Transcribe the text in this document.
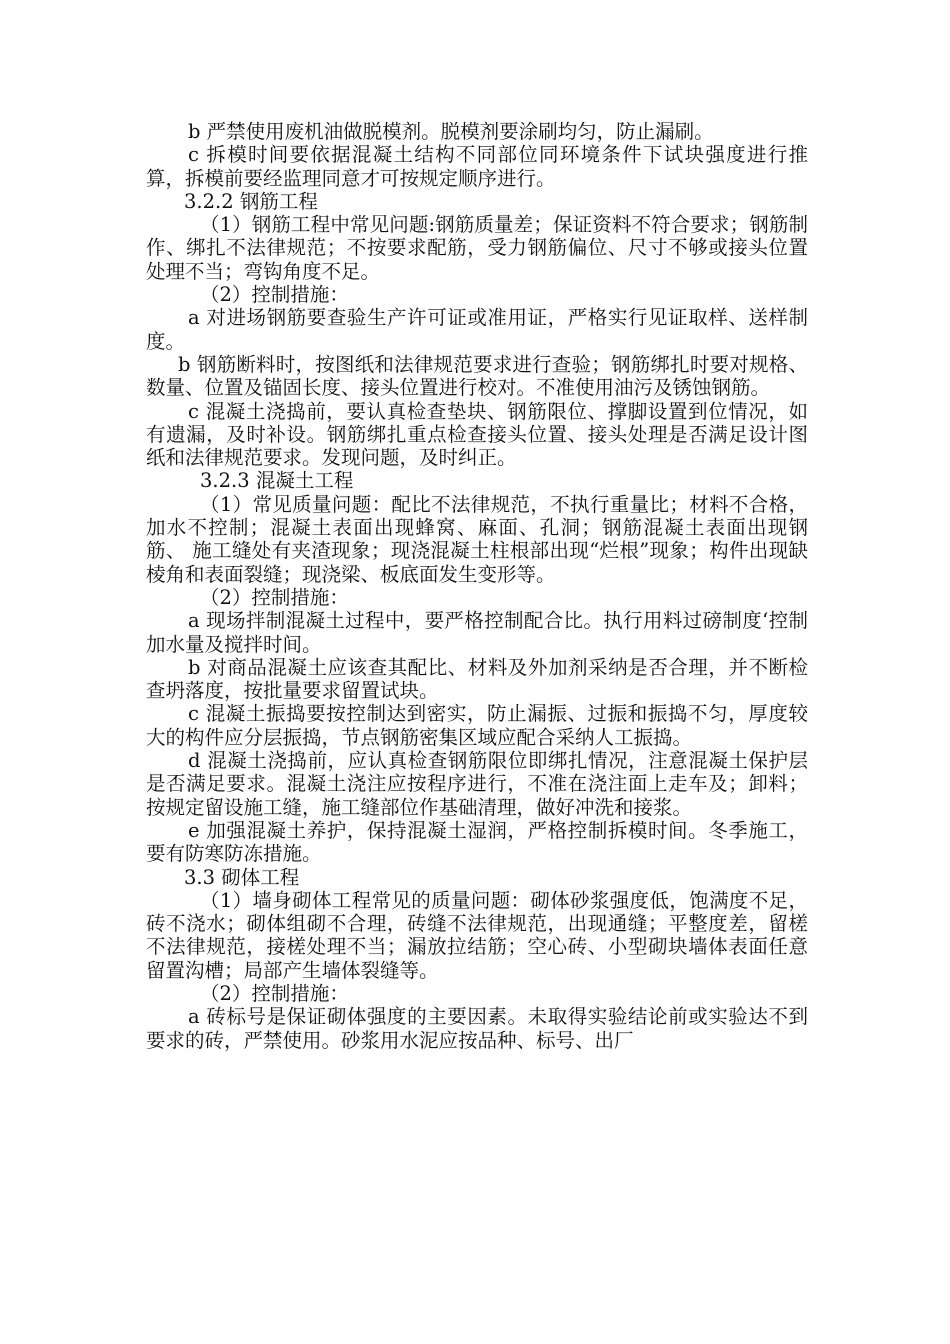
b 严禁使用废机油做脱模剂。脱模剂要涂刷均匀，防止漏刷。

c 拆模时间要依据混凝土结构不同部位同环境条件下试块强度进行推算，拆模前要经监理同意才可按规定顺序进行。

3.2.2 钢筋工程

（1）钢筋工程中常见问题:钢筋质量差；保证资料不符合要求；钢筋制作、绑扎不法律规范；不按要求配筋，受力钢筋偏位、尺寸不够或接头位置处理不当；弯钩角度不足。

（2）控制措施：

a 对进场钢筋要查验生产许可证或准用证，严格实行见证取样、送样制度。

b 钢筋断料时，按图纸和法律规范要求进行查验；钢筋绑扎时要对规格、数量、位置及锚固长度、接头位置进行校对。不准使用油污及锈蚀钢筋。

c 混凝土浇捣前，要认真检查垫块、钢筋限位、撑脚设置到位情况，如有遗漏，及时补设。钢筋绑扎重点检查接头位置、接头处理是否满足设计图纸和法律规范要求。发现问题，及时纠正。

3.2.3 混凝土工程

（1）常见质量问题：配比不法律规范，不执行重量比；材料不合格，加水不控制；混凝土表面出现蜂窝、麻面、孔洞；钢筋混凝土表面出现钢筋、 施工缝处有夹渣现象；现浇混凝土柱根部出现“烂根”现象；构件出现缺棱角和表面裂缝；现浇梁、板底面发生变形等。

（2）控制措施：

a 现场拌制混凝土过程中，要严格控制配合比。执行用料过磅制度‘控制加水量及搅拌时间。

b 对商品混凝土应该查其配比、材料及外加剂采纳是否合理，并不断检查坍落度，按批量要求留置试块。

c 混凝土振捣要按控制达到密实，防止漏振、过振和振捣不匀，厚度较大的构件应分层振捣，节点钢筋密集区域应配合采纳人工振捣。

d 混凝土浇捣前，应认真检查钢筋限位即绑扎情况，注意混凝土保护层是否满足要求。混凝土浇注应按程序进行，不准在浇注面上走车及；卸料；按规定留设施工缝，施工缝部位作基础清理，做好冲洗和接浆。

e 加强混凝土养护，保持混凝土湿润，严格控制拆模时间。冬季施工，要有防寒防冻措施。

3.3 砌体工程

（1）墙身砌体工程常见的质量问题：砌体砂浆强度低，饱满度不足，砖不浇水；砌体组砌不合理，砖缝不法律规范，出现通缝；平整度差，留槎不法律规范，接槎处理不当；漏放拉结筋；空心砖、小型砌块墙体表面任意留置沟槽；局部产生墙体裂缝等。

（2）控制措施：

a 砖标号是保证砌体强度的主要因素。未取得实验结论前或实验达不到要求的砖，严禁使用。砂浆用水泥应按品种、标号、出厂
